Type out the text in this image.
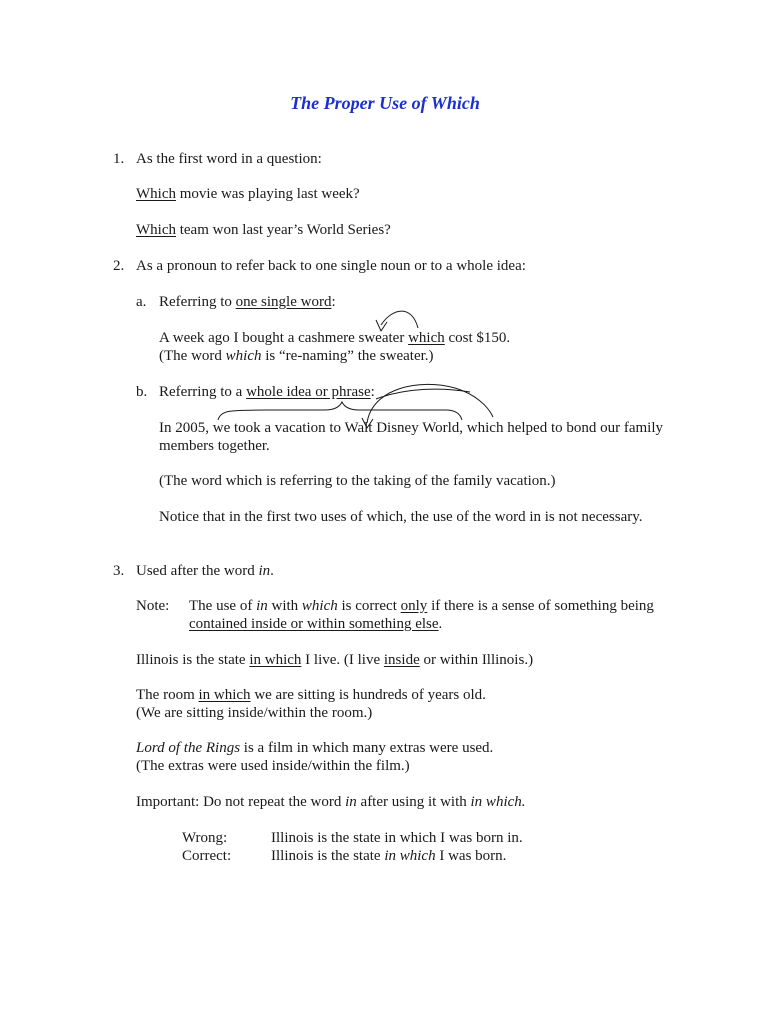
The Proper Use of Which
1. As the first word in a question:
Which movie was playing last week?
Which team won last year’s World Series?
2. As a pronoun to refer back to one single noun or to a whole idea:
a. Referring to one single word:
A week ago I bought a cashmere sweater which cost $150.
(The word which is “re-naming” the sweater.)
b. Referring to a whole idea or phrase:
In 2005, we took a vacation to Walt Disney World, which helped to bond our family
members together.
(The word which is referring to the taking of the family vacation.)
Notice that in the first two uses of which, the use of the word in is not necessary.
3. Used after the word in.
Note: The use of in with which is correct only if there is a sense of something being
contained inside or within something else.
Illinois is the state in which I live. (I live inside or within Illinois.)
The room in which we are sitting is hundreds of years old.
(We are sitting inside/within the room.)
Lord of the Rings is a film in which many extras were used.
(The extras were used inside/within the film.)
Important: Do not repeat the word in after using it with in which.
Wrong:	Illinois is the state in which I was born in.
Correct:	Illinois is the state in which I was born.
